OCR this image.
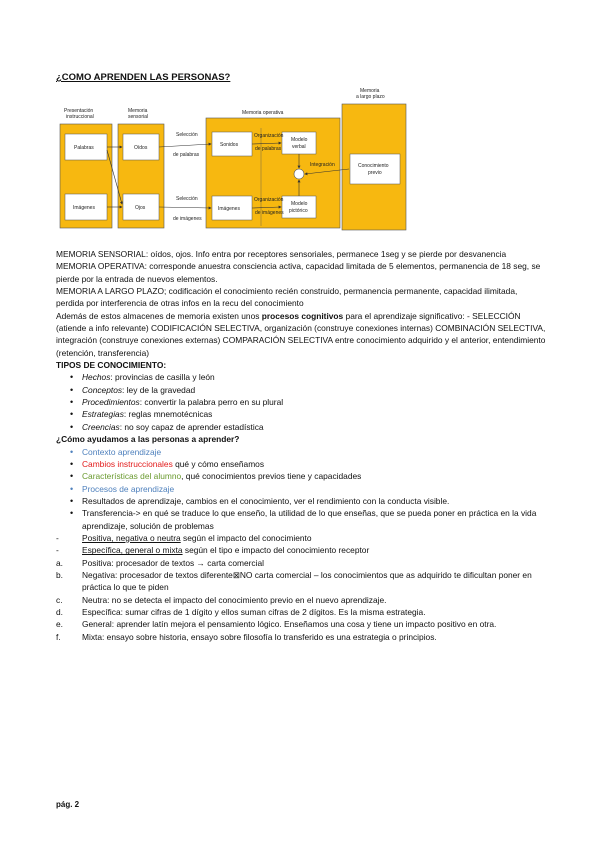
¿COMO APRENDEN LAS PERSONAS?
Presentación
instruccional
Memoria
sensorial
Memoria operativa
Memoria
a largo plazo
Palabras
Imágenes
Oídos
Ojos
Selección
de palabras
Selección
de imágenes
Sonidos
Imágenes
Organización
de palabras
Organización
de imágenes
Modelo
verbal
Modelo
pictórico
Integración	Conocimiento
previo

MEMORIA SENSORIAL: oídos, ojos. Info entra por receptores sensoriales, permanece 1seg y se pierde por desvanencia

MEMORIA OPERATIVA: corresponde anuestra consciencia activa, capacidad limitada de 5 elementos, permanencia de 18 seg, se pierde por la entrada de nuevos elementos.

MEMORIA A LARGO PLAZO; codificación el conocimiento recién construido, permanencia permanente, capacidad ilimitada, perdida por interferencia de otras infos en la recu del conocimiento

Además de estos almacenes de memoria existen unos procesos cognitivos para el aprendizaje significativo: - SELECCIÓN (atiende a info relevante) CODIFICACIÓN SELECTIVA, organización (construye conexiones internas) COMBINACIÓN SELECTIVA, integración (construye conexiones externas) COMPARACIÓN SELECTIVA entre conocimiento adquirido y el anterior, entendimiento (retención, transferencia)

TIPOS DE CONOCIMIENTO:

• Hechos: provincias de casilla y león
• Conceptos: ley de la gravedad
• Procedimientos: convertir la palabra perro en su plural
• Estrategias: reglas mnemotécnicas
• Creencias: no soy capaz de aprender estadística

¿Cómo ayudamos a las personas a aprender?

• Contexto aprendizaje
• Cambios instruccionales qué y cómo enseñamos
• Características del alumno, qué conocimientos previos tiene y capacidades
• Procesos de aprendizaje
• Resultados de aprendizaje, cambios en el conocimiento, ver el rendimiento con la conducta visible.
• Transferencia-> en qué se traduce lo que enseño, la utilidad de lo que enseñas, que se pueda poner en práctica en la vida aprendizaje, solución de problemas
-	Positiva, negativa o neutra según el impacto del conocimiento
-	Específica, general o mixta según el tipo e impacto del conocimiento receptor
a. Positiva: procesador de textos → carta comercial
b. Negativa: procesador de textos diferente⊠NO carta comercial – los conocimientos que as adquirido te dificultan poner en práctica lo que te piden
c. Neutra: no se detecta el impacto del conocimiento previo en el nuevo aprendizaje.
d. Específica: sumar cifras de 1 dígito y ellos suman cifras de 2 dígitos. Es la misma estrategia.
e. General: aprender latín mejora el pensamiento lógico. Enseñamos una cosa y tiene un impacto positivo en otra.
f.	Mixta: ensayo sobre historia, ensayo sobre filosofía lo transferido es una estrategia o principios.
pág. 2
